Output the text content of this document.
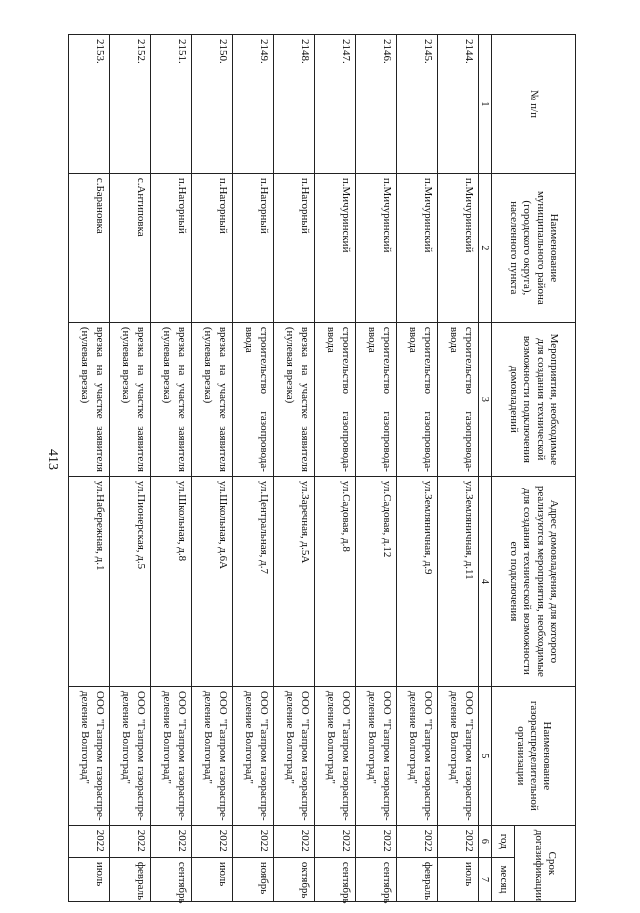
413
№ п/п	Наименование муниципального района (городского округа), населенного пункта	Мероприятия, необходимые для создания технической возможности подключения домовладений	Адрес домовладения, для которого реализуются мероприятия, необходимые для создания технической возможности его подключения	Наименование газораспределительной организации	Срок догазификации	
					год	месяц
1	2	3	4	5	6	7
2144.	п.Мичуринский	строительство газопровода-ввода	ул.Земляничная, д.11	ООО "Газпром газораспре-деление Волгоград"	2022	июль
2145.	п.Мичуринский	строительство газопровода-ввода	ул.Земляничная, д.9	ООО "Газпром газораспре-деление Волгоград"	2022	февраль
2146.	п.Мичуринский	строительство газопровода-ввода	ул.Садовая, д.12	ООО "Газпром газораспре-деление Волгоград"	2022	сентябрь
2147.	п.Мичуринский	строительство газопровода-ввода	ул.Садовая, д.8	ООО "Газпром газораспре-деление Волгоград"	2022	сентябрь
2148.	п.Нагорный	врезка на участке заявителя (нулевая врезка)	ул.Заречная, д.5А	ООО "Газпром газораспре-деление Волгоград"	2022	октябрь
2149.	п.Нагорный	строительство газопровода-ввода	ул.Центральная, д.7	ООО "Газпром газораспре-деление Волгоград"	2022	ноябрь
2150.	п.Нагорный	врезка на участке заявителя (нулевая врезка)	ул.Школьная, д.6А	ООО "Газпром газораспре-деление Волгоград"	2022	июль
2151.	п.Нагорный	врезка на участке заявителя (нулевая врезка)	ул.Школьная, д.8	ООО "Газпром газораспре-деление Волгоград"	2022	сентябрь
2152.	с.Антиповка	врезка на участке заявителя (нулевая врезка)	ул.Пионерская, д.5	ООО "Газпром газораспре-деление Волгоград"	2022	февраль
2153.	с.Барановка	врезка на участке заявителя (нулевая врезка)	ул.Набережная, д.1	ООО "Газпром газораспре-деление Волгоград"	2022	июль
